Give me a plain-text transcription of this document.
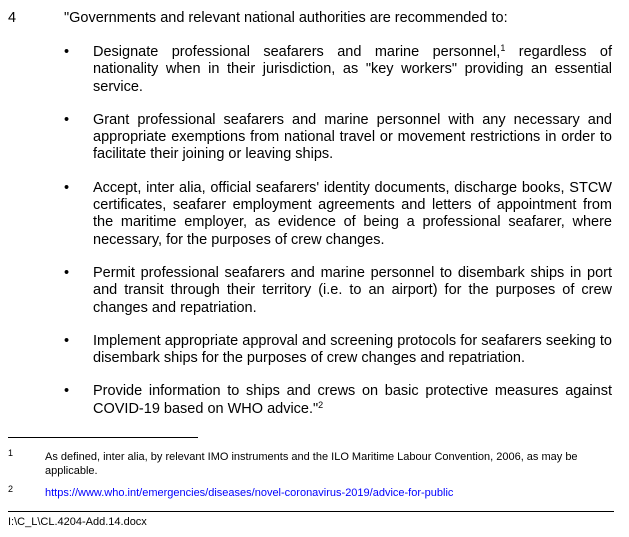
4	"Governments and relevant national authorities are recommended to:
• Designate professional seafarers and marine personnel,$^1$ regardless of nationality when in their jurisdiction, as "key workers" providing an essential service.
• Grant professional seafarers and marine personnel with any necessary and appropriate exemptions from national travel or movement restrictions in order to facilitate their joining or leaving ships.
• Accept, inter alia, official seafarers' identity documents, discharge books, STCW certificates, seafarer employment agreements and letters of appointment from the maritime employer, as evidence of being a professional seafarer, where necessary, for the purposes of crew changes.
• Permit professional seafarers and marine personnel to disembark ships in port and transit through their territory (i.e. to an airport) for the purposes of crew changes and repatriation.
• Implement appropriate approval and screening protocols for seafarers seeking to disembark ships for the purposes of crew changes and repatriation.
• Provide information to ships and crews on basic protective measures against COVID-19 based on WHO advice."$^2$
1	As defined, inter alia, by relevant IMO instruments and the ILO Maritime Labour Convention, 2006, as may be applicable.
2	https://www.who.int/emergencies/diseases/novel-coronavirus-2019/advice-for-public
I:\C_L\CL.4204-Add.14.docx
